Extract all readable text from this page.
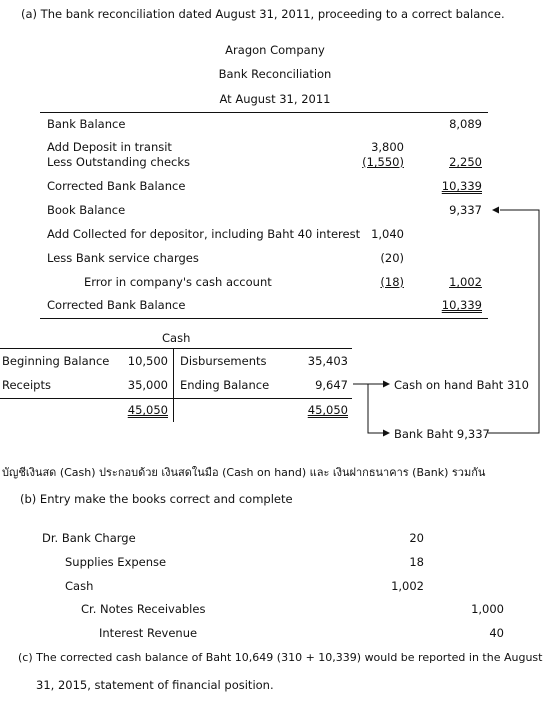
(a) The bank reconciliation dated August 31, 2011, proceeding to a correct balance.
Aragon Company
Bank Reconciliation
At August 31, 2011
Bank Balance	8,089
Add Deposit in transit	3,800
Less Outstanding checks	(1,550)	2,250
Corrected Bank Balance	10,339
Book Balance	9,337
Add Collected for depositor, including Baht 40 interest 1,040
Less Bank service charges	(20)
Error in company's cash account	(18)	1,002
Corrected Bank Balance	10,339
Cash
Beginning Balance	10,500 Disbursements	35,403
Receipts	35,000 Ending Balance	9,647
45,050	45,050
Cash on hand Baht 310
Bank Baht 9,337
บัญชีเงินสด (Cash) ประกอบด้วย เงินสดในมือ (Cash on hand) และ เงินฝากธนาคาร (Bank) รวมกัน
(b) Entry make the books correct and complete
Dr. Bank Charge	20
Supplies Expense	18
Cash	1,002
Cr. Notes Receivables	1,000
Interest Revenue	40
(c) The corrected cash balance of Baht 10,649 (310 + 10,339) would be reported in the August
31, 2015, statement of financial position.
